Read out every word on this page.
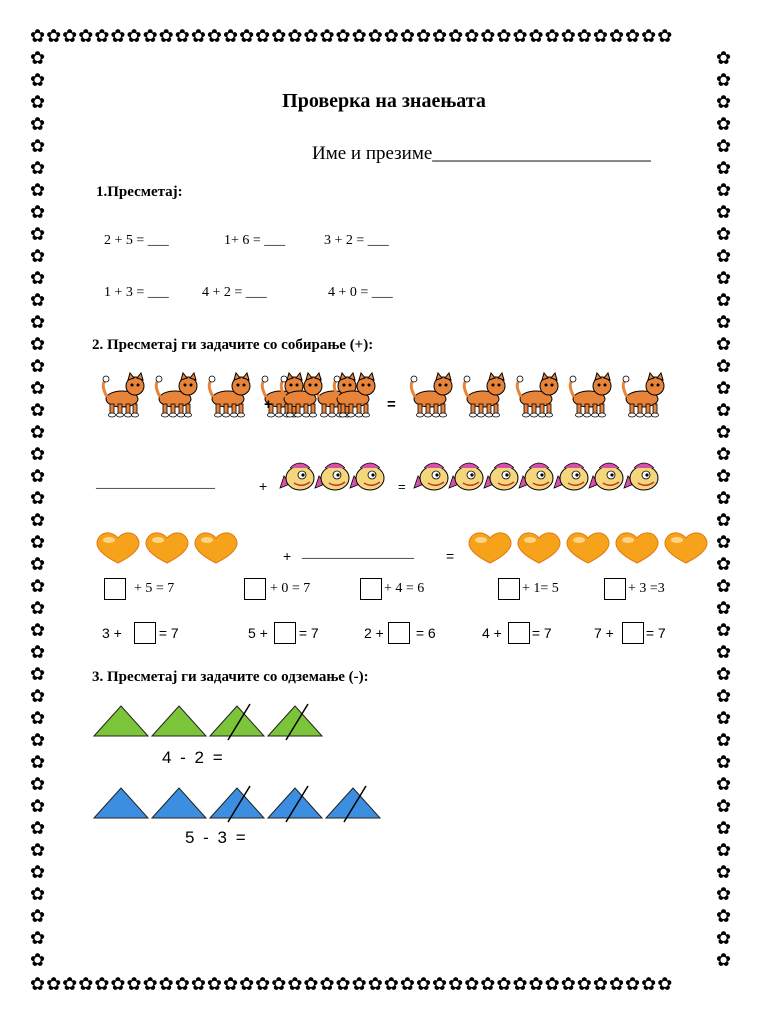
✿✿✿✿✿✿✿✿✿✿✿✿✿✿✿✿✿✿✿✿✿✿✿✿✿✿✿✿✿✿✿✿✿✿✿✿✿✿✿✿
✿✿✿✿✿✿✿✿✿✿✿✿✿✿✿✿✿✿✿✿✿✿✿✿✿✿✿✿✿✿✿✿✿✿✿✿✿✿✿✿
✿✿✿✿✿✿✿✿✿✿✿✿✿✿✿✿✿✿✿✿✿✿✿✿✿✿✿✿✿✿✿✿✿✿✿✿✿✿✿✿✿✿
✿✿✿✿✿✿✿✿✿✿✿✿✿✿✿✿✿✿✿✿✿✿✿✿✿✿✿✿✿✿✿✿✿✿✿✿✿✿✿✿✿✿
Проверка на знаењата
Име и презиме_______________________
1.Пресметај:
2 + 5 = ___	1+ 6 = ___	3 + 2 = ___
1 + 3 = ___ 4 + 2 = ___	4 + 0 = ___
2. Пресметај ги задачите со собирање (+):
+	=
_________________	+	=
+ ________________ =
+ 5 = 7	+ 0 = 7	+ 4 = 6	+ 1= 5	+ 3 =3
3 +	= 7	5 + = 7	2 + = 6	4 + = 7	7 + = 7
3. Пресметај ги задачите со одземање (-):
4 - 2 =
5 - 3 =
